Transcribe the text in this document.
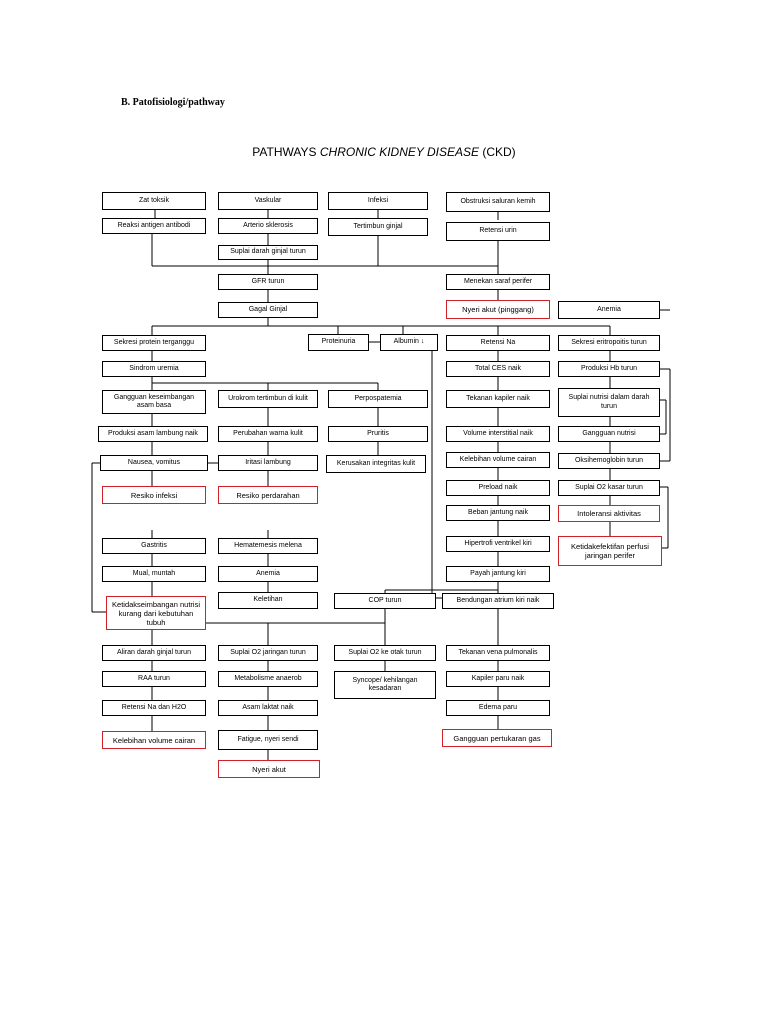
B. Patofisiologi/pathway
PATHWAYS CHRONIC KIDNEY DISEASE (CKD)
Zat toksik	Vaskular	Infeksi	Obstruksi saluran kemih
Reaksi antigen antibodi	Arterio sklerosis	Tertimbun ginjal
Retensi urin
Suplai darah ginjal turun
GFR turun	Menekan saraf perifer
Gagal Ginjal	Nyeri akut (pinggang)	Anemia
Sekresi protein terganggu	Proteinuria	Albumin ↓	Retensi Na	Sekresi eritropoitis turun
Sindrom uremia	Total CES naik	Produksi Hb turun
Gangguan keseimbangan asam basa
Urokrom tertimbun di kulit	Perpospatemia	Tekanan kapiler naik	Suplai nutrisi dalam darah turun
Produksi asam lambung naik	Perubahan warna kulit	Pruritis	Volume interstitial naik	Gangguan nutrisi
Nausea, vomitus	Iritasi lambung	Kerusakan integritas kulit
Kelebihan volume cairan	Oksihemoglobin turun
Resiko infeksi	Resiko perdarahan
Preload naik	Suplai O2 kasar turun
Beban jantung naik	Intoleransi aktivitas
Gastritis	Hematemesis melena	Hipertrofi ventrikel kiri	Ketidakefektifan perfusi jaringan perifer
Mual, muntah	Anemia	Payah jantung kiri
Ketidakseimbangan nutrisi kurang dari kebutuhan tubuh
Keletihan	COP turun	Bendungan atrium kiri naik
Aliran darah ginjal turun	Suplai O2 jaringan turun	Suplai O2 ke otak turun	Tekanan vena pulmonalis
RAA turun	Metabolisme anaerob	Syncope/ kehilangan kesadaran
Kapiler paru naik
Retensi Na dan H2O	Asam laktat naik	Edema paru
Kelebihan volume cairan	Fatigue, nyeri sendi	Gangguan pertukaran gas
Nyeri akut
